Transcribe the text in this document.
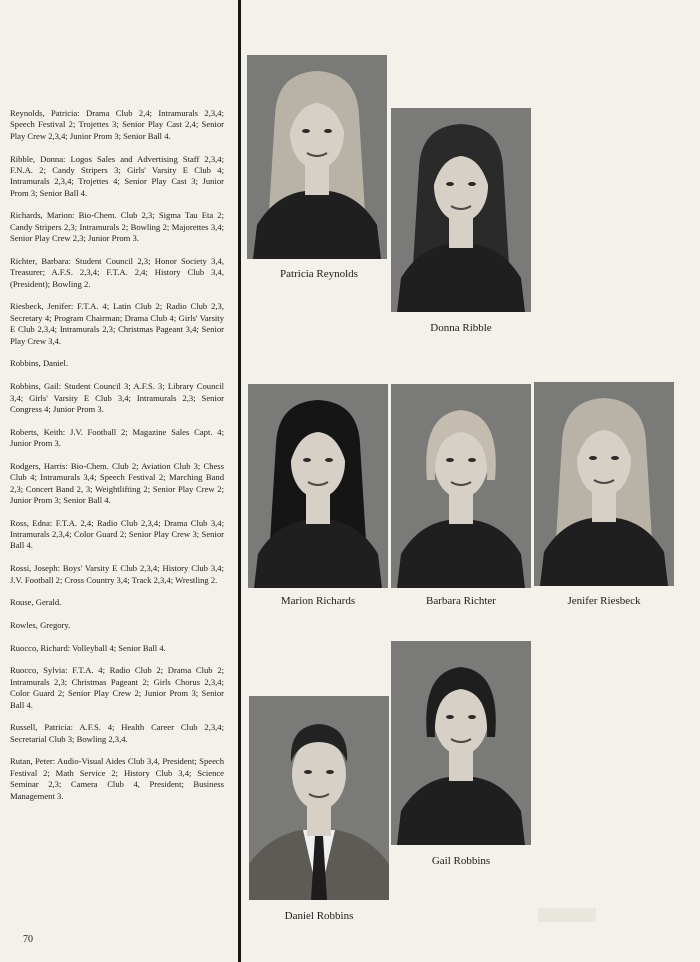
Reynolds, Patricia: Drama Club 2,4; Intramurals 2,3,4; Speech Festival 2; Trojettes 3; Senior Play Cast 2,4; Senior Play Crew 2,3,4; Junior Prom 3; Senior Ball 4.

Ribble, Donna: Logos Sales and Advertising Staff 2,3,4; F.N.A. 2; Candy Stripers 3; Girls' Varsity E Club 4; Intramurals 2,3,4; Trojettes 4; Senior Play Cast 3; Junior Prom 3; Senior Ball 4.

Richards, Marion: Bio-Chem. Club 2,3; Sigma Tau Eta 2; Candy Stripers 2,3; Intramurals 2; Bowling 2; Majorettes 3,4; Senior Play Crew 2,3; Junior Prom 3.

Richter, Barbara: Student Council 2,3; Honor Society 3,4, Treasurer; A.F.S. 2,3,4; F.T.A. 2,4; History Club 3,4, (President); Bowling 2.

Riesbeck, Jenifer: F.T.A. 4; Latin Club 2; Radio Club 2,3, Secretary 4; Program Chairman; Drama Club 4; Girls' Varsity E Club 2,3,4; Intramurals 2,3; Christmas Pageant 3,4; Senior Play Crew 3,4.

Robbins, Daniel.

Robbins, Gail: Student Council 3; A.F.S. 3; Library Council 3,4; Girls' Varsity E Club 3,4; Intramurals 2,3; Senior Congress 4; Junior Prom 3.

Roberts, Keith: J.V. Football 2; Magazine Sales Capt. 4; Junior Prom 3.

Rodgers, Harris: Bio-Chem. Club 2; Aviation Club 3; Chess Club 4; Intramurals 3,4; Speech Festival 2; Marching Band 2,3; Concert Band 2, 3; Weightlifting 2; Senior Play Crew 2; Junior Prom 3; Senior Ball 4.

Ross, Edna: F.T.A. 2,4; Radio Club 2,3,4; Drama Club 3,4; Intramurals 2,3,4; Color Guard 2; Senior Play Crew 3; Senior Ball 4.

Rossi, Joseph: Boys' Varsity E Club 2,3,4; History Club 3,4; J.V. Football 2; Cross Country 3,4; Track 2,3,4; Wrestling 2.

Rouse, Gerald.

Rowles, Gregory.

Ruocco, Richard: Volleyball 4; Senior Ball 4.

Ruocco, Sylvia: F.T.A. 4; Radio Club 2; Drama Club 2; Intramurals 2,3; Christmas Pageant 2; Girls Chorus 2,3,4; Color Guard 2; Senior Play Crew 2; Junior Prom 3; Senior Ball 4.

Russell, Patricia: A.F.S. 4; Health Career Club 2,3,4; Secretarial Club 3; Bowling 2,3,4.

Rutan, Peter: Audio-Visual Aides Club 3,4, President; Speech Festival 2; Math Service 2; History Club 3,4; Science Seminar 2,3; Camera Club 4, President; Business Management 3.

70
Patricia Reynolds
Donna Ribble
Marion Richards	Barbara Richter	Jenifer Riesbeck
Gail Robbins
Daniel Robbins
